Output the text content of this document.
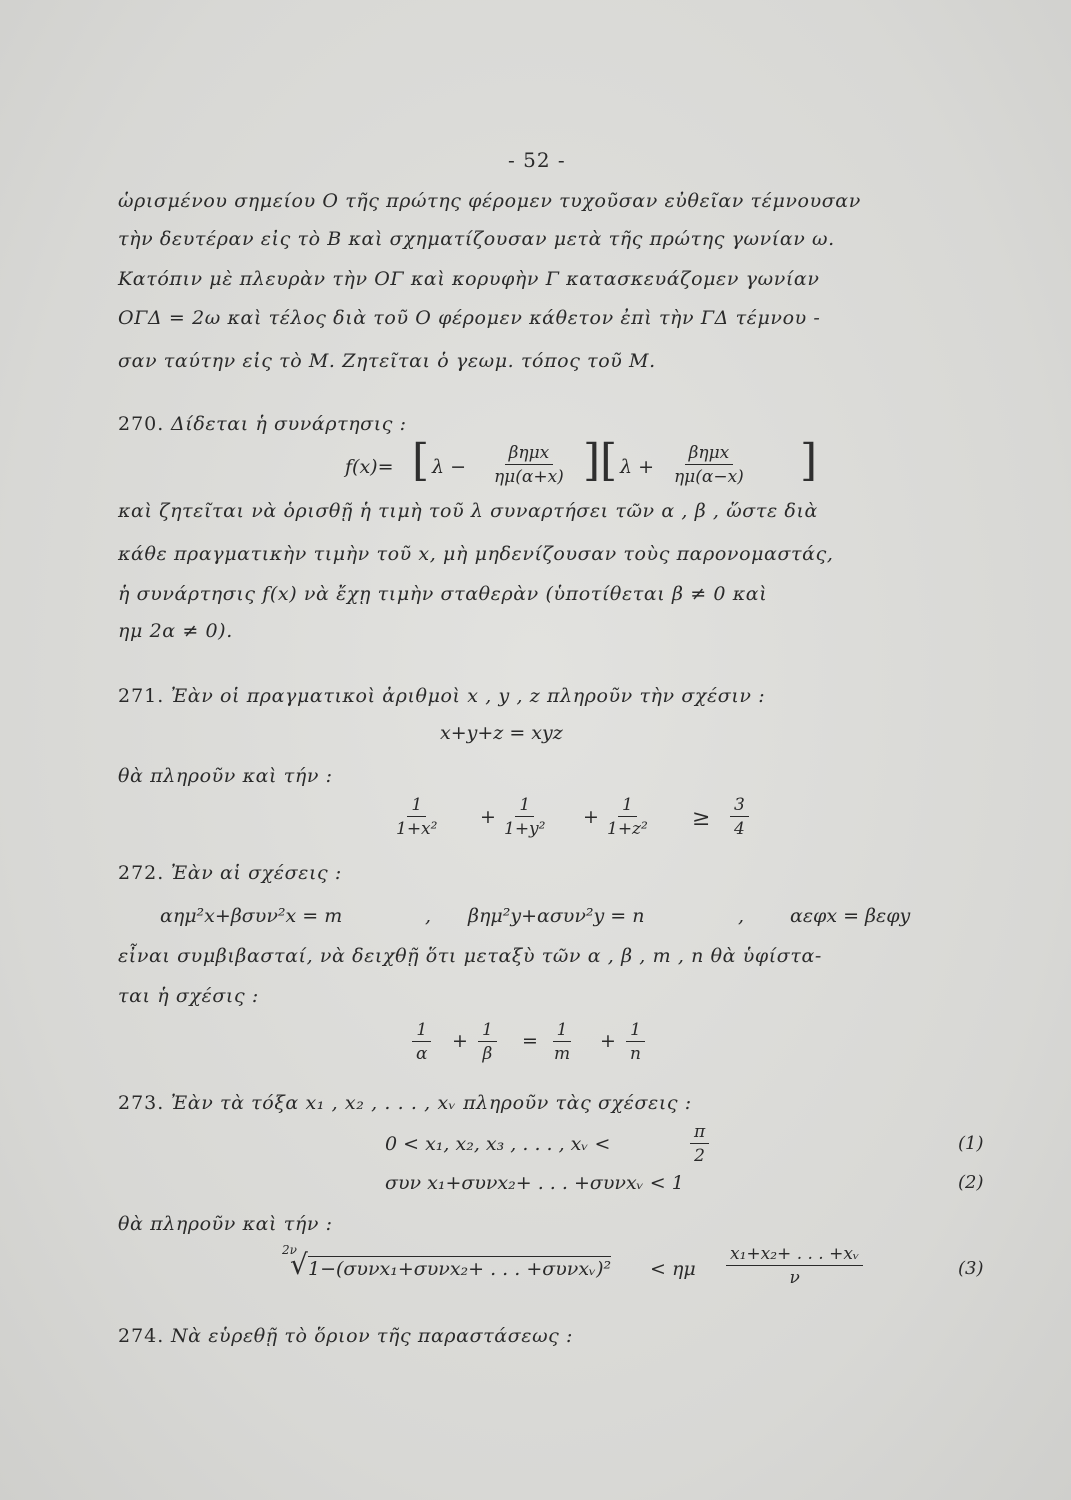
- 52 -
ὡρισμένου σημείου Ο τῆς πρώτης φέρομεν τυχοῦσαν εὐθεῖαν τέμνουσαν
τὴν δευτέραν εἰς τὸ Β καὶ σχηματίζουσαν μετὰ τῆς πρώτης γωνίαν ω.
Κατόπιν μὲ πλευρὰν τὴν ΟΓ καὶ κορυφὴν Γ κατασκευάζομεν γωνίαν
ΟΓΔ = 2ω καὶ τέλος διὰ τοῦ Ο φέρομεν κάθετον ἐπὶ τὴν ΓΔ τέμνου -
σαν ταύτην εἰς τὸ Μ. Ζητεῖται ὁ γεωμ. τόπος τοῦ Μ.
270. Δίδεται ἡ συνάρτησις :
f(x)= [ λ −
βημx
ημ(α+x) ] [ λ +
βημx
ημ(α−x) ]
καὶ ζητεῖται νὰ ὁρισθῇ ἡ τιμὴ τοῦ λ συναρτήσει τῶν α , β , ὥστε διὰ
κάθε πραγματικὴν τιμὴν τοῦ x, μὴ μηδενίζουσαν τοὺς παρονομαστάς,
ἡ συνάρτησις f(x) νὰ ἔχῃ τιμὴν σταθερὰν (ὑποτίθεται β ≠ 0 καὶ
ημ 2α ≠ 0).
271. Ἐὰν οἱ πραγματικοὶ ἀριθμοὶ x , y , z πληροῦν τὴν σχέσιν :
x+y+z = xyz
θὰ πληροῦν καὶ τήν :
$\frac{1}{\text{1+x²}} + \frac{1}{\text{1+y²}} + \frac{1}{\text{1+z²}} \ge \frac{3}{4}$
272. Ἐὰν αἱ σχέσεις :
αημ²x+βσυν²x = m	, βημ²y+ασυν²y = n	, αεφx = βεφy
εἶναι συμβιβασταί, νὰ δειχθῇ ὅτι μεταξὺ τῶν α , β , m , n θὰ ὑφίστα-
ται ἡ σχέσις :
$\frac{1}{\alpha} + \frac{1}{\beta} = \frac{1}{m} + \frac{1}{n}$
273. Ἐὰν τὰ τόξα x₁ , x₂ , . . . , xᵥ πληροῦν τὰς σχέσεις :
0 < x₁, x₂, x₃ , . . . , xᵥ <	$\frac{\pi}{2}$	(1)
συν x₁+συνx₂+ . . . +συνxᵥ < 1	(2)
θὰ πληροῦν καὶ τήν :
2ν
√ 1−(συνx₁+συνx₂+ . . . +συνxᵥ)² < ημ $\frac{\text{x₁+x₂+ . . . +xᵥ}}{\nu}$	(3)
274. Νὰ εὑρεθῇ τὸ ὅριον τῆς παραστάσεως :
